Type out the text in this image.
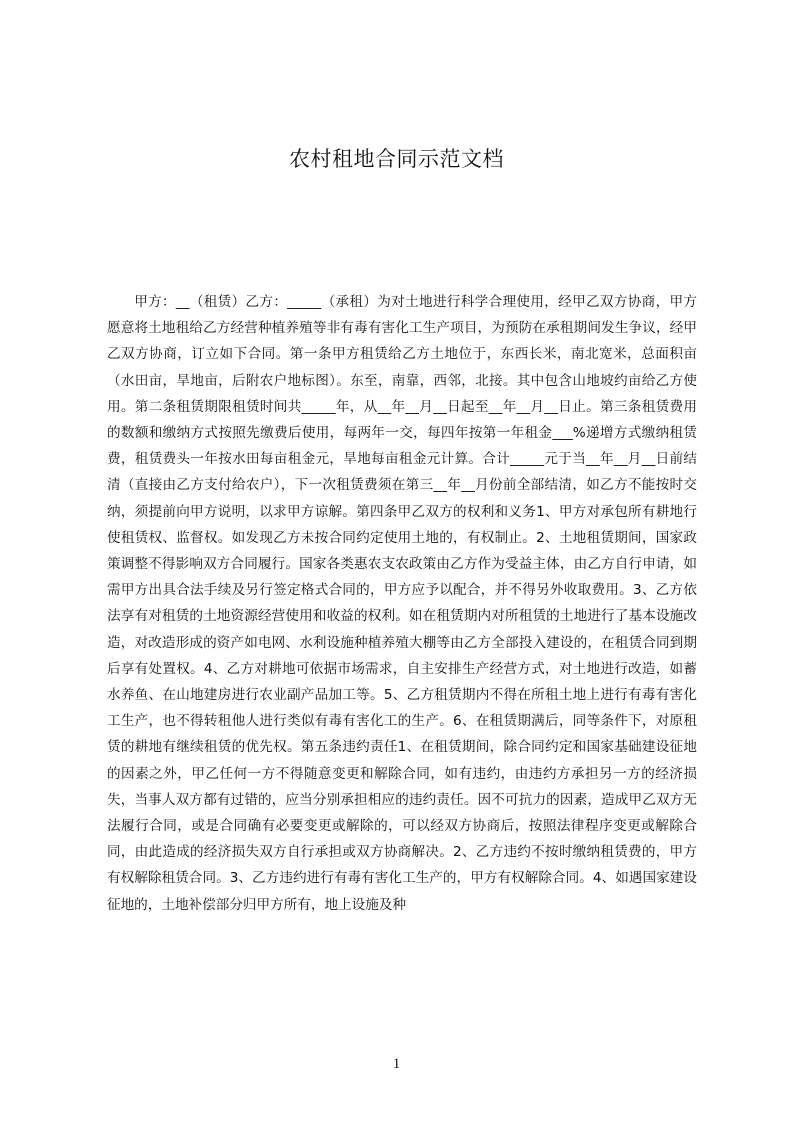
农村租地合同示范文档

甲方：__（租赁）乙方：_____（承租）为对土地进行科学合理使用，经甲乙双方协商，甲方愿意将土地租给乙方经营种植养殖等非有毒有害化工生产项目，为预防在承租期间发生争议，经甲乙双方协商，订立如下合同。第一条甲方租赁给乙方土地位于，东西长米，南北宽米，总面积亩（水田亩，旱地亩，后附农户地标图）。东至，南靠，西邻，北接。其中包含山地坡约亩给乙方使用。第二条租赁期限租赁时间共_____年，从__年__月__日起至__年__月__日止。第三条租赁费用的数额和缴纳方式按照先缴费后使用，每两年一交，每四年按第一年租金___%递增方式缴纳租赁费，租赁费头一年按水田每亩租金元，旱地每亩租金元计算。合计_____元于当__年__月__日前结清（直接由乙方支付给农户），下一次租赁费须在第三__年__月份前全部结清，如乙方不能按时交纳，须提前向甲方说明，以求甲方谅解。第四条甲乙双方的权利和义务1、甲方对承包所有耕地行使租赁权、监督权。如发现乙方未按合同约定使用土地的，有权制止。2、土地租赁期间，国家政策调整不得影响双方合同履行。国家各类惠农支农政策由乙方作为受益主体，由乙方自行申请，如需甲方出具合法手续及另行签定格式合同的，甲方应予以配合，并不得另外收取费用。3、乙方依法享有对租赁的土地资源经营使用和收益的权利。如在租赁期内对所租赁的土地进行了基本设施改造，对改造形成的资产如电网、水利设施种植养殖大棚等由乙方全部投入建设的，在租赁合同到期后享有处置权。4、乙方对耕地可依据市场需求，自主安排生产经营方式，对土地进行改造，如蓄水养鱼、在山地建房进行农业副产品加工等。5、乙方租赁期内不得在所租土地上进行有毒有害化工生产，也不得转租他人进行类似有毒有害化工的生产。6、在租赁期满后，同等条件下，对原租赁的耕地有继续租赁的优先权。第五条违约责任1、在租赁期间，除合同约定和国家基础建设征地的因素之外，甲乙任何一方不得随意变更和解除合同，如有违约，由违约方承担另一方的经济损失，当事人双方都有过错的，应当分别承担相应的违约责任。因不可抗力的因素，造成甲乙双方无法履行合同，或是合同确有必要变更或解除的，可以经双方协商后，按照法律程序变更或解除合同，由此造成的经济损失双方自行承担或双方协商解决。2、乙方违约不按时缴纳租赁费的，甲方有权解除租赁合同。3、乙方违约进行有毒有害化工生产的，甲方有权解除合同。4、如遇国家建设征地的，土地补偿部分归甲方所有，地上设施及种

1
